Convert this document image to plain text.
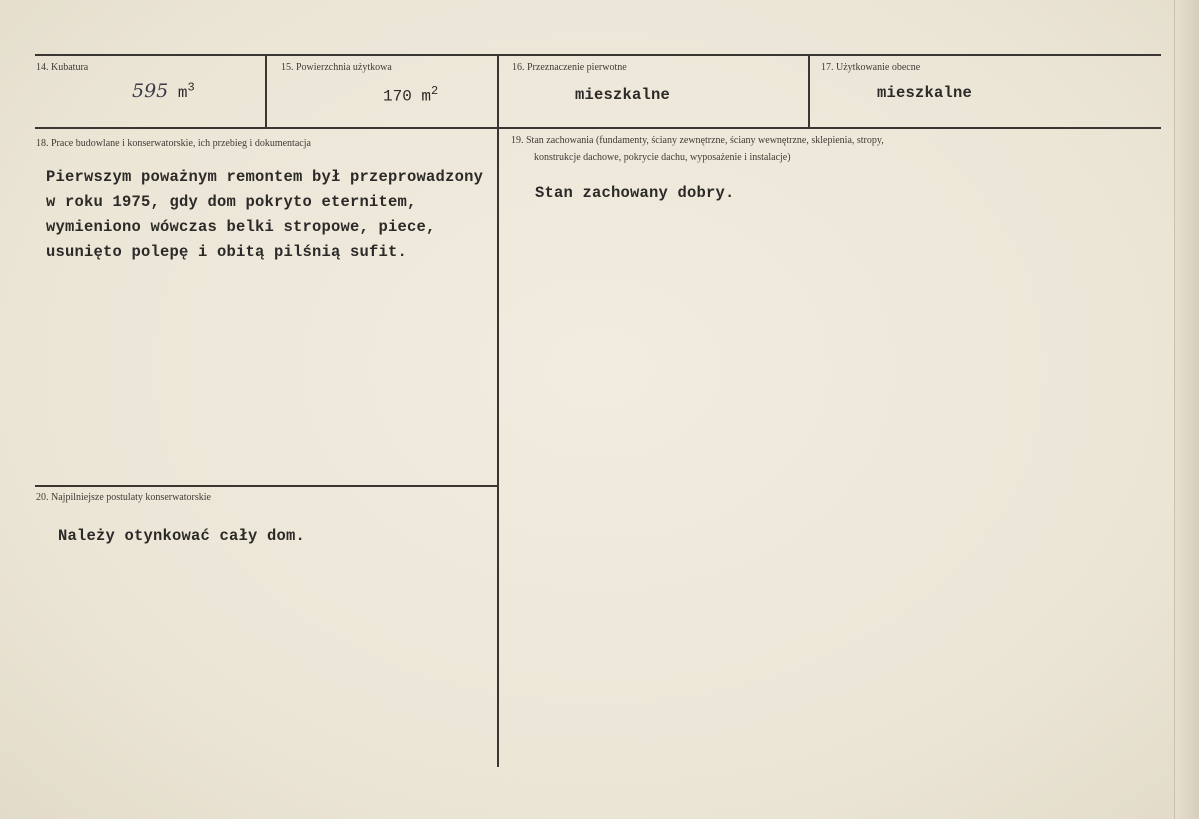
14. Kubatura
595 $m^3$
15. Powierzchnia użytkowa
170 $m^2$
16. Przeznaczenie pierwotne
mieszkalne
17. Użytkowanie obecne
mieszkalne
18. Prace budowlane i konserwatorskie, ich przebieg i dokumentacja
Pierwszym poważnym remontem był przeprowadzony
w roku 1975, gdy dom pokryto eternitem,
wymieniono wówczas belki stropowe, piece,
usunięto polepę i obitą pilśnią sufit.
19. Stan zachowania (fundamenty, ściany zewnętrzne, ściany wewnętrzne, sklepienia, stropy,
konstrukcje dachowe, pokrycie dachu, wyposażenie i instalacje)
Stan zachowany dobry.
20. Najpilniejsze postulaty konserwatorskie
Należy otynkować cały dom.
